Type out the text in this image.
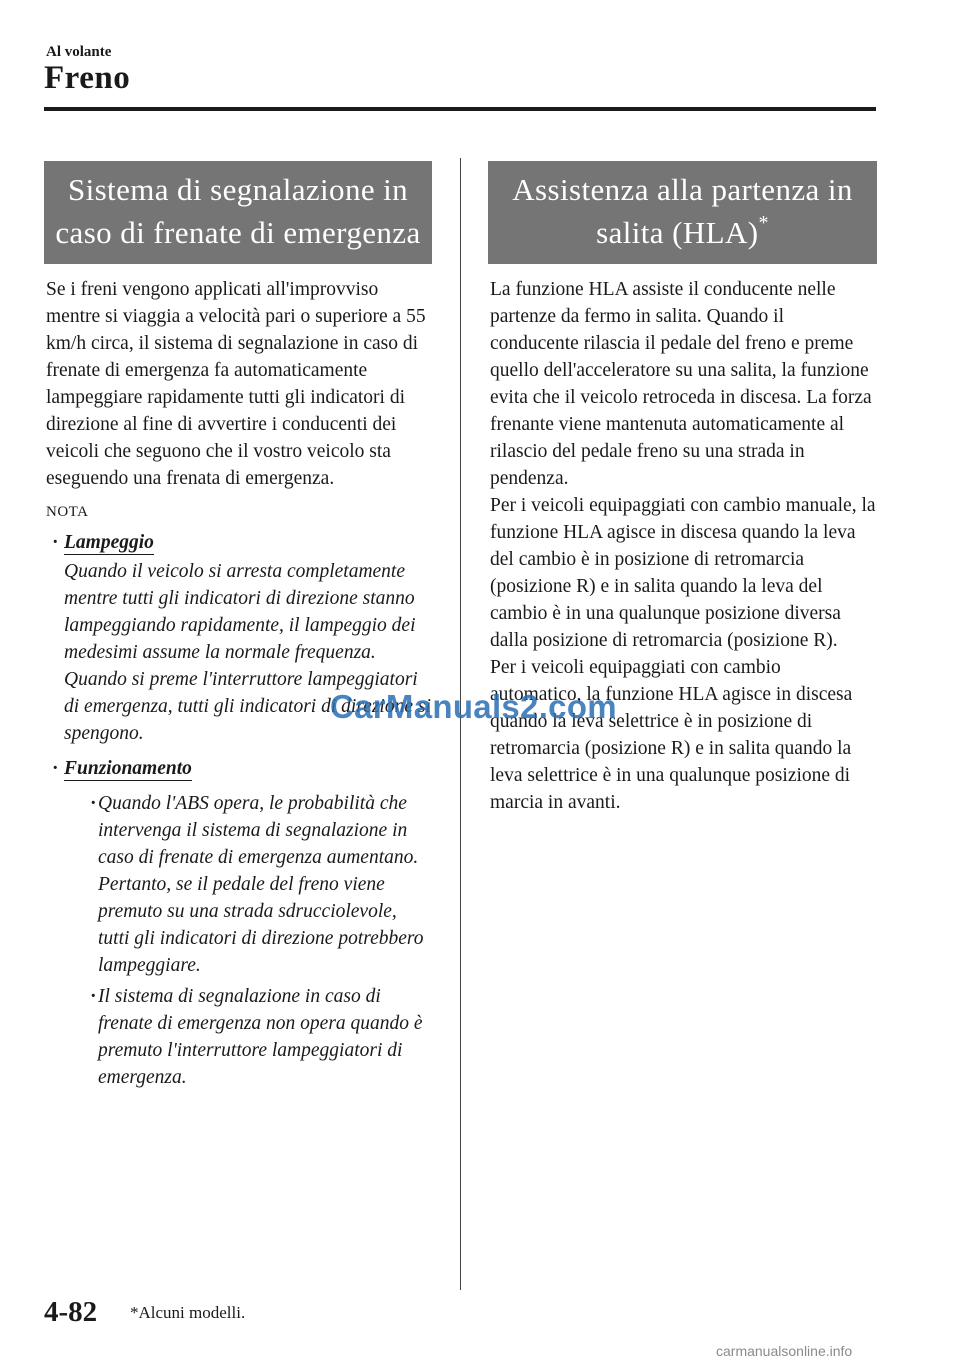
Al volante
Freno
Sistema di segnalazione in caso di frenate di emergenza

Se i freni vengono applicati all'improvviso mentre si viaggia a velocità pari o superiore a 55 km/h circa, il sistema di segnalazione in caso di frenate di emergenza fa automaticamente lampeggiare rapidamente tutti gli indicatori di direzione al fine di avvertire i conducenti dei veicoli che seguono che il vostro veicolo sta eseguendo una frenata di emergenza.

NOTA
· Lampeggio
Quando il veicolo si arresta completamente mentre tutti gli indicatori di direzione stanno lampeggiando rapidamente, il lampeggio dei medesimi assume la normale frequenza. Quando si preme l'interruttore lampeggiatori di emergenza, tutti gli indicatori di direzione si spengono.
· Funzionamento
· Quando l'ABS opera, le probabilità che intervenga il sistema di segnalazione in caso di frenate di emergenza aumentano. Pertanto, se il pedale del freno viene premuto su una strada sdrucciolevole, tutti gli indicatori di direzione potrebbero lampeggiare.
· Il sistema di segnalazione in caso di frenate di emergenza non opera quando è premuto l'interruttore lampeggiatori di emergenza.
Assistenza alla partenza in salita (HLA)*

La funzione HLA assiste il conducente nelle partenze da fermo in salita. Quando il conducente rilascia il pedale del freno e preme quello dell'acceleratore su una salita, la funzione evita che il veicolo retroceda in discesa. La forza frenante viene mantenuta automaticamente al rilascio del pedale freno su una strada in pendenza.

Per i veicoli equipaggiati con cambio manuale, la funzione HLA agisce in discesa quando la leva del cambio è in posizione di retromarcia (posizione R) e in salita quando la leva del cambio è in una qualunque posizione diversa dalla posizione di retromarcia (posizione R).

Per i veicoli equipaggiati con cambio automatico, la funzione HLA agisce in discesa quando la leva selettrice è in posizione di retromarcia (posizione R) e in salita quando la leva selettrice è in una qualunque posizione di marcia in avanti.

CarManuals2.com
4-82 *Alcuni modelli.
carmanualsonline.info
